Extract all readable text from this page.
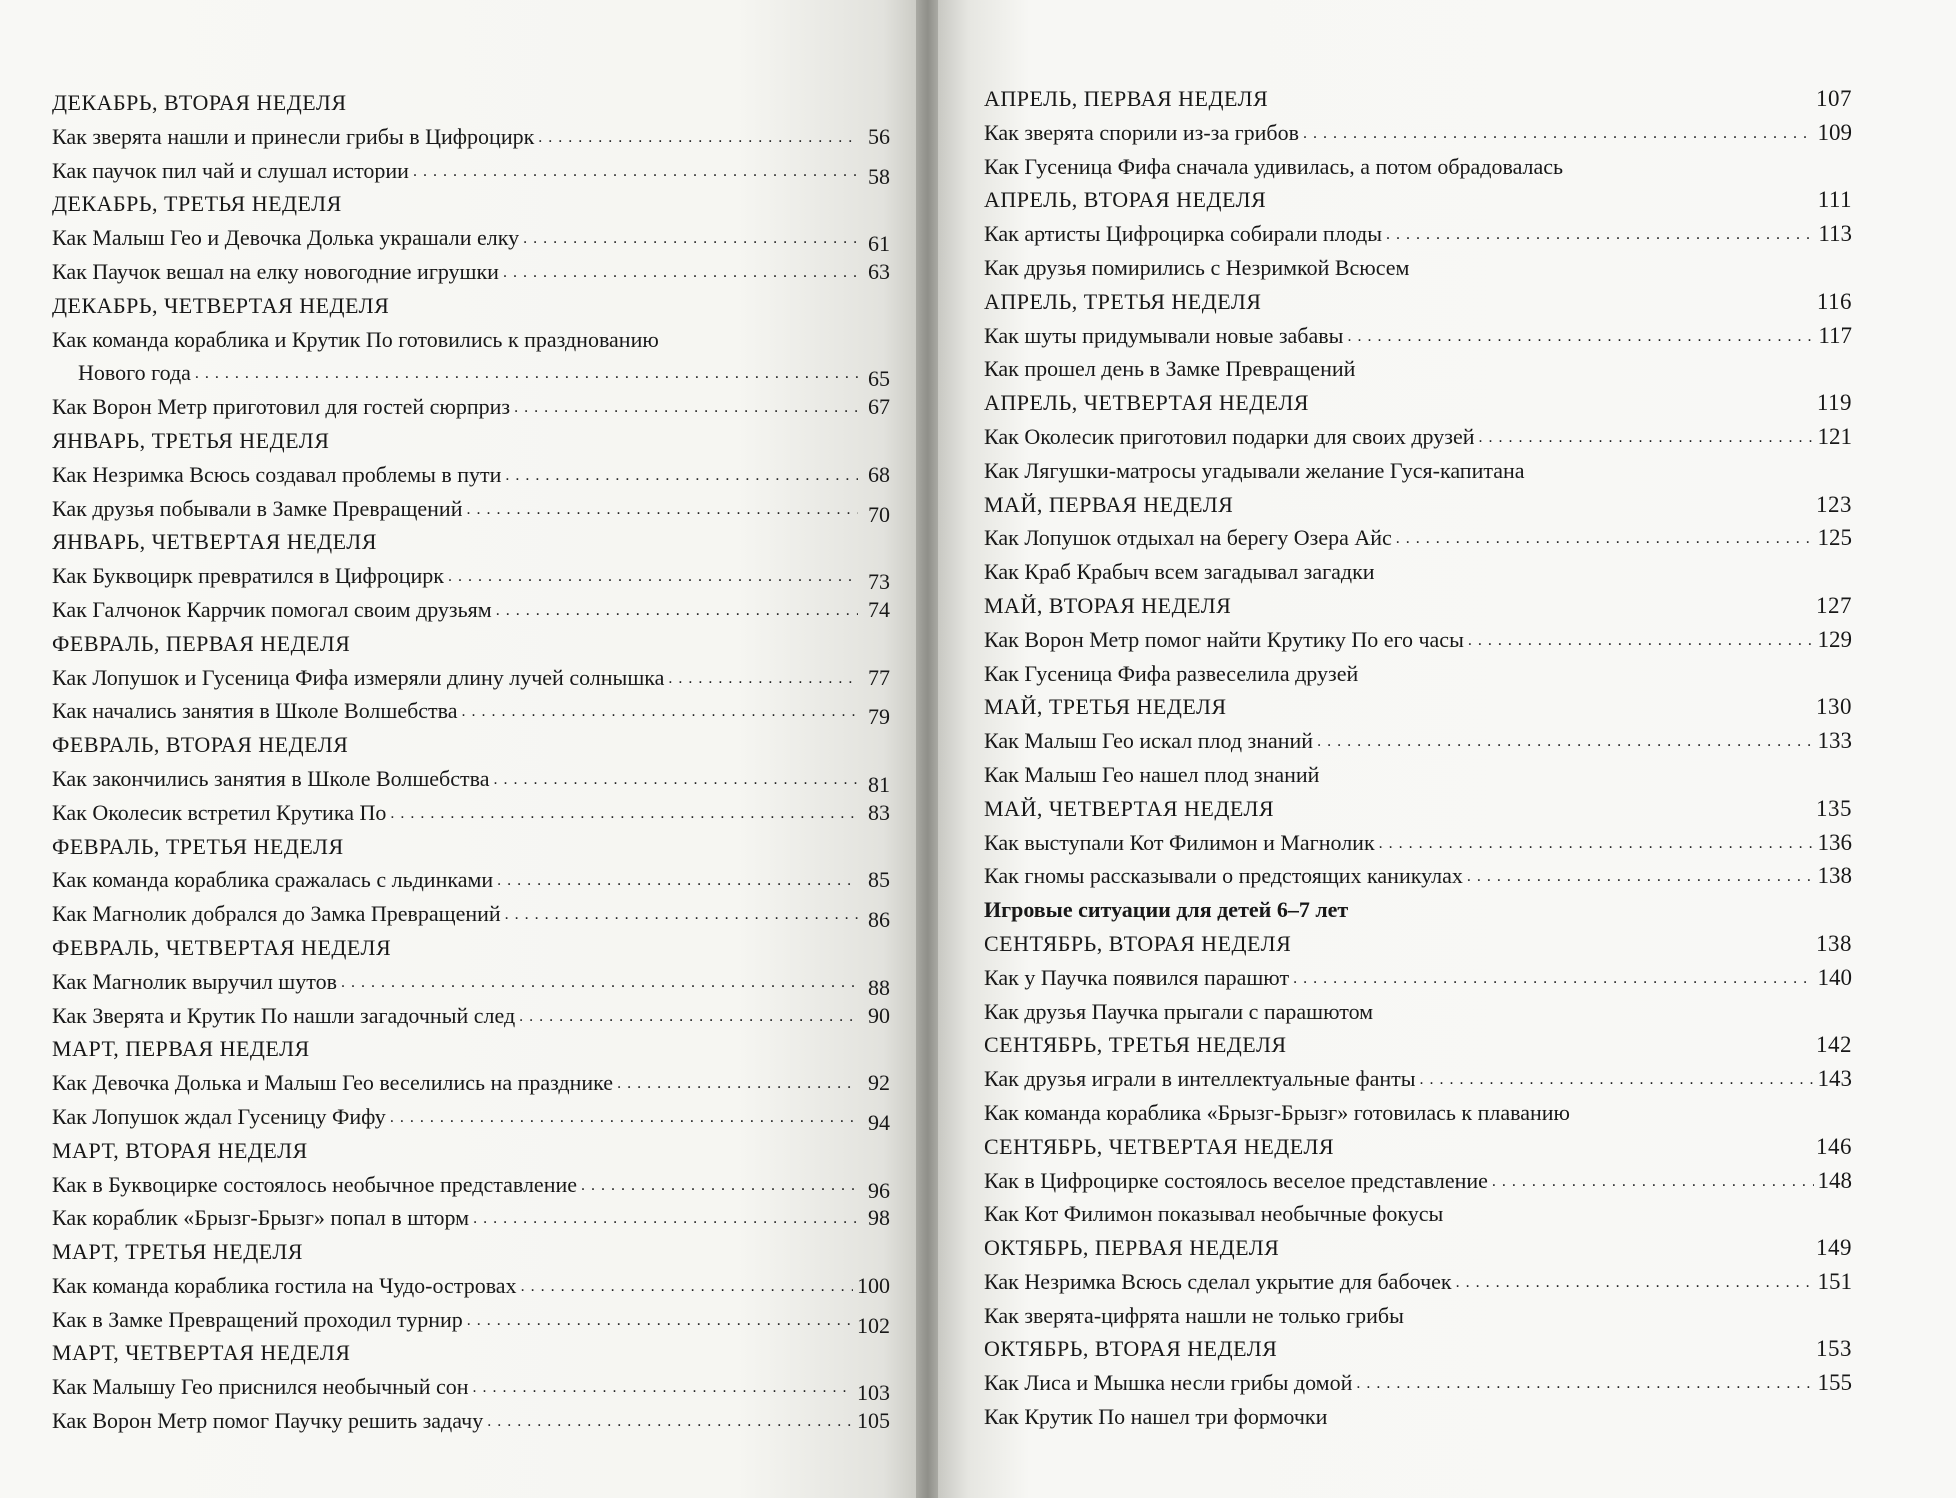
ДЕКАБРЬ, ВТОРАЯ НЕДЕЛЯ
Как зверята нашли и принесли грибы в Цифроцирк . . .	56
Как паучок пил чай и слушал истории . . .	58
ДЕКАБРЬ, ТРЕТЬЯ НЕДЕЛЯ
Как Малыш Гео и Девочка Долька украшали елку . . .	61
Как Паучок вешал на елку новогодние игрушки . . .	63
ДЕКАБРЬ, ЧЕТВЕРТАЯ НЕДЕЛЯ
Как команда кораблика и Крутик По готовились к празднованию
Нового года . . .	65
Как Ворон Метр приготовил для гостей сюрприз . . .	67
ЯНВАРЬ, ТРЕТЬЯ НЕДЕЛЯ
Как Незримка Всюсь создавал проблемы в пути . . .	68
Как друзья побывали в Замке Превращений . . .	70
ЯНВАРЬ, ЧЕТВЕРТАЯ НЕДЕЛЯ
Как Буквоцирк превратился в Цифроцирк . . .	73
Как Галчонок Каррчик помогал своим друзьям . . .	74
ФЕВРАЛЬ, ПЕРВАЯ НЕДЕЛЯ
Как Лопушок и Гусеница Фифа измеряли длину лучей солнышка . . .	77
Как начались занятия в Школе Волшебства . . .	79
ФЕВРАЛЬ, ВТОРАЯ НЕДЕЛЯ
Как закончились занятия в Школе Волшебства . . .	81
Как Околесик встретил Крутика По . . .	83
ФЕВРАЛЬ, ТРЕТЬЯ НЕДЕЛЯ
Как команда кораблика сражалась с льдинками . . .	85
Как Магнолик добрался до Замка Превращений . . .	86
ФЕВРАЛЬ, ЧЕТВЕРТАЯ НЕДЕЛЯ
Как Магнолик выручил шутов . . .	88
Как Зверята и Крутик По нашли загадочный след . . .	90
МАРТ, ПЕРВАЯ НЕДЕЛЯ
Как Девочка Долька и Малыш Гео веселились на празднике . . .	92
Как Лопушок ждал Гусеницу Фифу . . .	94
МАРТ, ВТОРАЯ НЕДЕЛЯ
Как в Буквоцирке состоялось необычное представление . . .	96
Как кораблик «Брызг-Брызг» попал в шторм . . .	98
МАРТ, ТРЕТЬЯ НЕДЕЛЯ
Как команда кораблика гостила на Чудо-островах . . .	100
Как в Замке Превращений проходил турнир . . .	102
МАРТ, ЧЕТВЕРТАЯ НЕДЕЛЯ
Как Малышу Гео приснился необычный сон . . .	103
Как Ворон Метр помог Паучку решить задачу . . .	105
АПРЕЛЬ, ПЕРВАЯ НЕДЕЛЯ	107
Как зверята спорили из-за грибов . . .	109
Как Гусеница Фифа сначала удивилась, а потом обрадовалась
АПРЕЛЬ, ВТОРАЯ НЕДЕЛЯ	111
Как артисты Цифроцирка собирали плоды . . .	113
Как друзья помирились с Незримкой Всюсем
АПРЕЛЬ, ТРЕТЬЯ НЕДЕЛЯ	116
Как шуты придумывали новые забавы . . .	117
Как прошел день в Замке Превращений
АПРЕЛЬ, ЧЕТВЕРТАЯ НЕДЕЛЯ	119
Как Околесик приготовил подарки для своих друзей . . .	121
Как Лягушки-матросы угадывали желание Гуся-капитана
МАЙ, ПЕРВАЯ НЕДЕЛЯ	123
Как Лопушок отдыхал на берегу Озера Айс . . .	125
Как Краб Крабыч всем загадывал загадки
МАЙ, ВТОРАЯ НЕДЕЛЯ	127
Как Ворон Метр помог найти Крутику По его часы . . .	129
Как Гусеница Фифа развеселила друзей
МАЙ, ТРЕТЬЯ НЕДЕЛЯ	130
Как Малыш Гео искал плод знаний . . .	133
Как Малыш Гео нашел плод знаний
МАЙ, ЧЕТВЕРТАЯ НЕДЕЛЯ	135
Как выступали Кот Филимон и Магнолик . . .	136
Как гномы рассказывали о предстоящих каникулах . . .	138
Игровые ситуации для детей 6–7 лет
СЕНТЯБРЬ, ВТОРАЯ НЕДЕЛЯ	138
Как у Паучка появился парашют . . .	140
Как друзья Паучка прыгали с парашютом
СЕНТЯБРЬ, ТРЕТЬЯ НЕДЕЛЯ	142
Как друзья играли в интеллектуальные фанты . . .	143
Как команда кораблика «Брызг-Брызг» готовилась к плаванию
СЕНТЯБРЬ, ЧЕТВЕРТАЯ НЕДЕЛЯ	146
Как в Цифроцирке состоялось веселое представление . . .	148
Как Кот Филимон показывал необычные фокусы
ОКТЯБРЬ, ПЕРВАЯ НЕДЕЛЯ	149
Как Незримка Всюсь сделал укрытие для бабочек . . .	151
Как зверята-цифрята нашли не только грибы
ОКТЯБРЬ, ВТОРАЯ НЕДЕЛЯ	153
Как Лиса и Мышка несли грибы домой . . .	155
Как Крутик По нашел три формочки
